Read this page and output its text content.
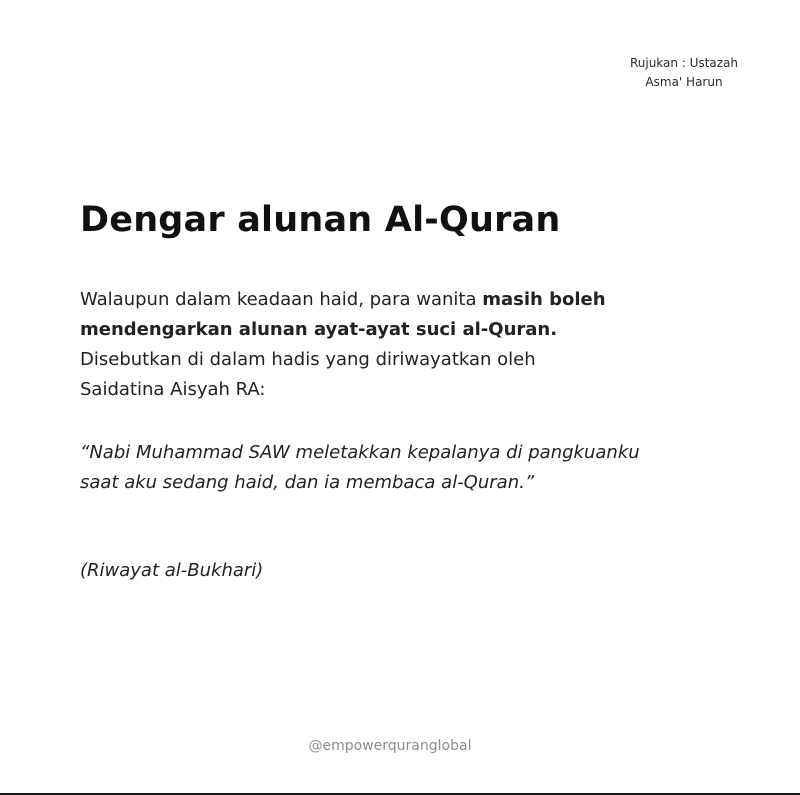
Rujukan : Ustazah
Asma' Harun
Dengar alunan Al-Quran

Walaupun dalam keadaan haid, para wanita masih boleh mendengarkan alunan ayat-ayat suci al-Quran. Disebutkan di dalam hadis yang diriwayatkan oleh Saidatina Aisyah RA:

“Nabi Muhammad SAW meletakkan kepalanya di pangkuanku saat aku sedang haid, dan ia membaca al-Quran.”

(Riwayat al-Bukhari)

@empowerquranglobal
